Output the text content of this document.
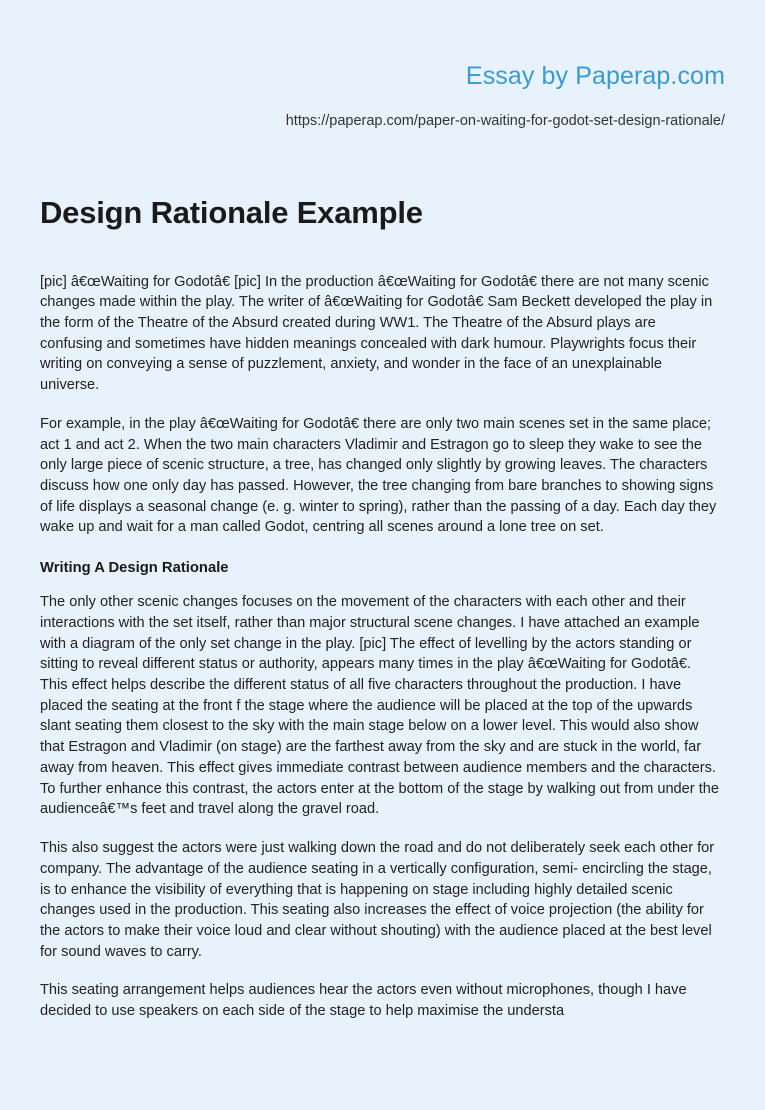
Essay by Paperap.com
https://paperap.com/paper-on-waiting-for-godot-set-design-rationale/
Design Rationale Example

[pic] â€œWaiting for Godotâ€ [pic] In the production â€œWaiting for Godotâ€ there are not many scenic changes made within the play. The writer of â€œWaiting for Godotâ€ Sam Beckett developed the play in the form of the Theatre of the Absurd created during WW1. The Theatre of the Absurd plays are confusing and sometimes have hidden meanings concealed with dark humour. Playwrights focus their writing on conveying a sense of puzzlement, anxiety, and wonder in the face of an unexplainable universe.

For example, in the play â€œWaiting for Godotâ€ there are only two main scenes set in the same place; act 1 and act 2. When the two main characters Vladimir and Estragon go to sleep they wake to see the only large piece of scenic structure, a tree, has changed only slightly by growing leaves. The characters discuss how one only day has passed. However, the tree changing from bare branches to showing signs of life displays a seasonal change (e. g. winter to spring), rather than the passing of a day. Each day they wake up and wait for a man called Godot, centring all scenes around a lone tree on set.

Writing A Design Rationale

The only other scenic changes focuses on the movement of the characters with each other and their interactions with the set itself, rather than major structural scene changes. I have attached an example with a diagram of the only set change in the play. [pic] The effect of levelling by the actors standing or sitting to reveal different status or authority, appears many times in the play â€œWaiting for Godotâ€. This effect helps describe the different status of all five characters throughout the production. I have placed the seating at the front f the stage where the audience will be placed at the top of the upwards slant seating them closest to the sky with the main stage below on a lower level. This would also show that Estragon and Vladimir (on stage) are the farthest away from the sky and are stuck in the world, far away from heaven. This effect gives immediate contrast between audience members and the characters. To further enhance this contrast, the actors enter at the bottom of the stage by walking out from under the audienceâ€™s feet and travel along the gravel road.

This also suggest the actors were just walking down the road and do not deliberately seek each other for company. The advantage of the audience seating in a vertically configuration, semi- encircling the stage, is to enhance the visibility of everything that is happening on stage including highly detailed scenic changes used in the production. This seating also increases the effect of voice projection (the ability for the actors to make their voice loud and clear without shouting) with the audience placed at the best level for sound waves to carry.

This seating arrangement helps audiences hear the actors even without microphones, though I have decided to use speakers on each side of the stage to help maximise the understa
